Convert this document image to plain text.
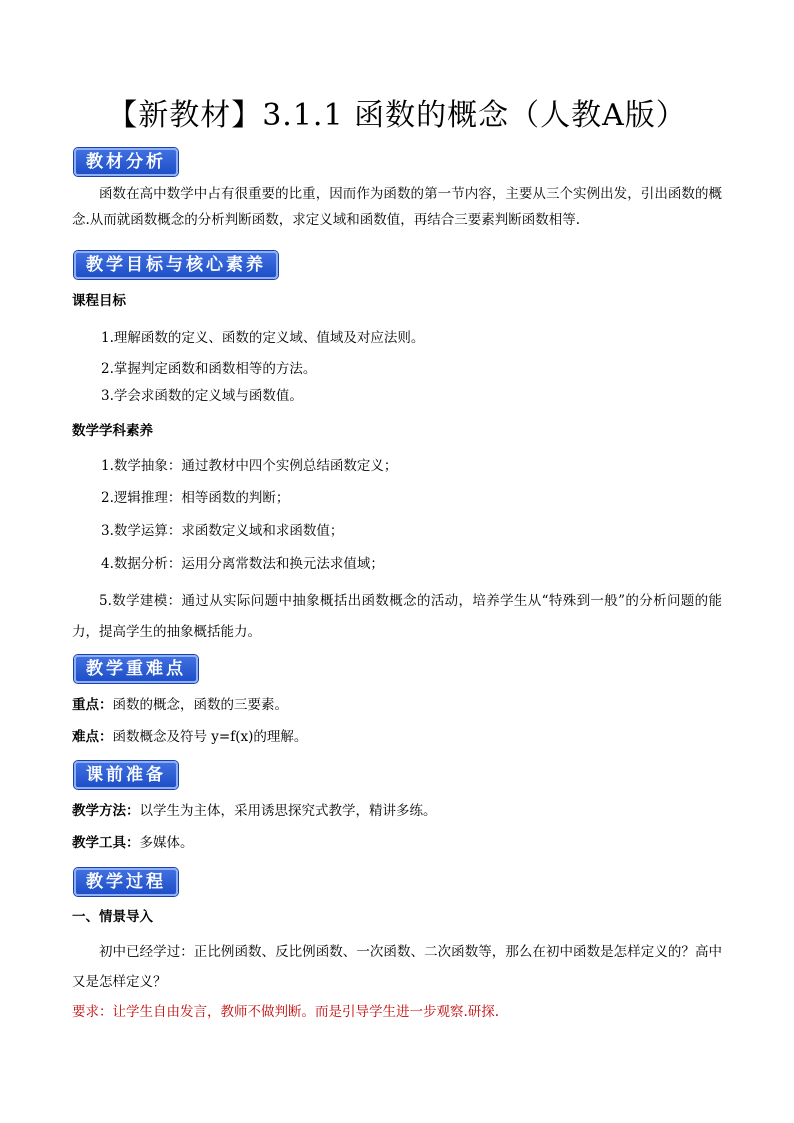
【新教材】3.1.1 函数的概念（人教A版）
教材分析
函数在高中数学中占有很重要的比重，因而作为函数的第一节内容，主要从三个实例出发，引出函数的概念.从而就函数概念的分析判断函数，求定义域和函数值，再结合三要素判断函数相等.
教学目标与核心素养
课程目标
1.理解函数的定义、函数的定义域、值域及对应法则。
2.掌握判定函数和函数相等的方法。
3.学会求函数的定义域与函数值。
数学学科素养
1.数学抽象：通过教材中四个实例总结函数定义；
2.逻辑推理：相等函数的判断；
3.数学运算：求函数定义域和求函数值；
4.数据分析：运用分离常数法和换元法求值域；
5.数学建模：通过从实际问题中抽象概括出函数概念的活动，培养学生从“特殊到一般”的分析问题的能力，提高学生的抽象概括能力。
教学重难点
重点：函数的概念，函数的三要素。
难点：函数概念及符号 y=f(x)的理解。
课前准备
教学方法：以学生为主体，采用诱思探究式教学，精讲多练。
教学工具：多媒体。
教学过程
一、情景导入
初中已经学过：正比例函数、反比例函数、一次函数、二次函数等，那么在初中函数是怎样定义的？高中又是怎样定义？
要求：让学生自由发言，教师不做判断。而是引导学生进一步观察.研探.
